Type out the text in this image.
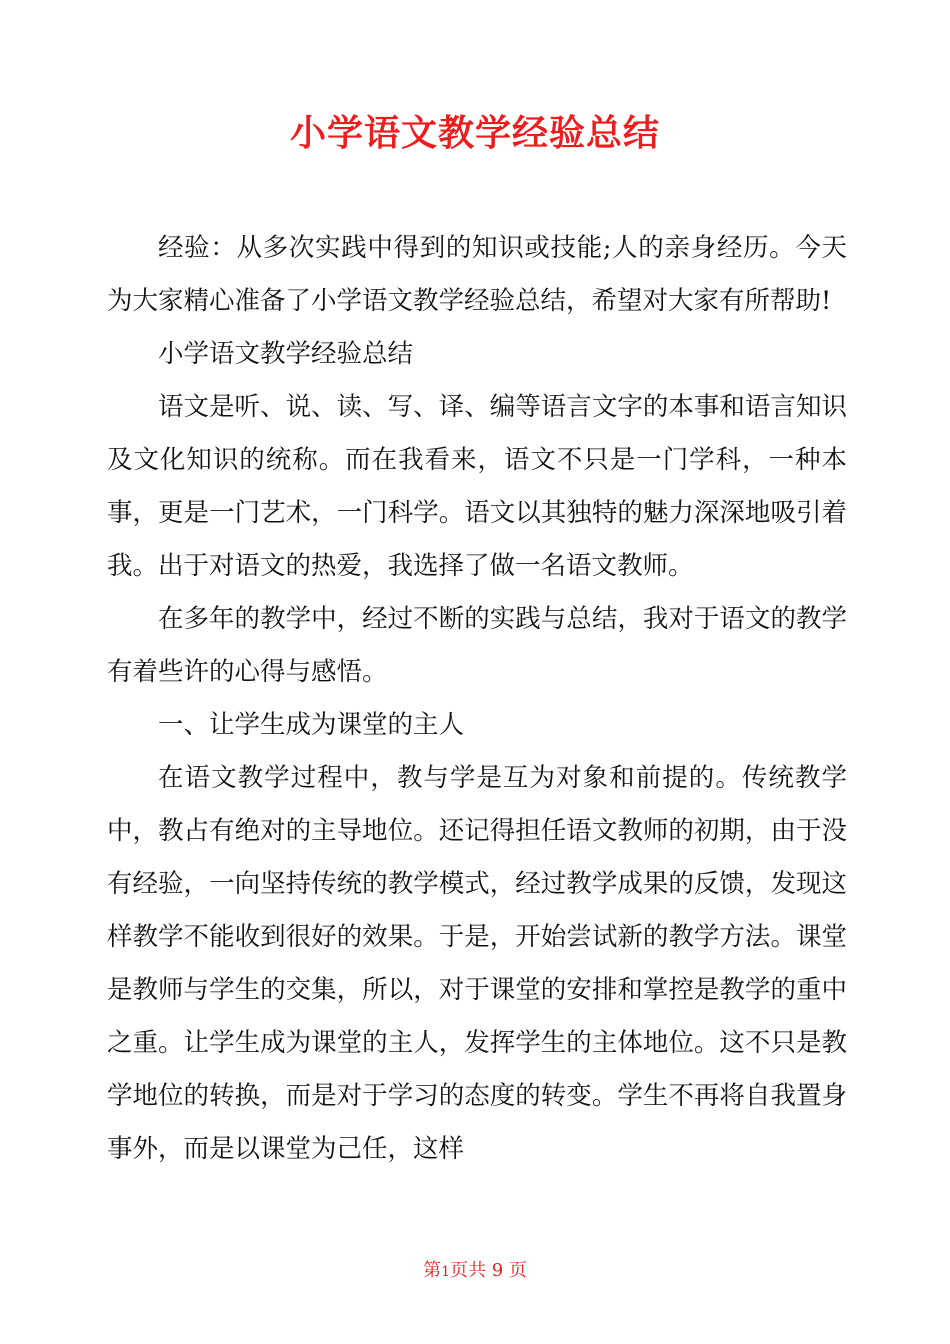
小学语文教学经验总结

经验：从多次实践中得到的知识或技能;人的亲身经历。今天为大家精心准备了小学语文教学经验总结，希望对大家有所帮助!

小学语文教学经验总结

语文是听、说、读、写、译、编等语言文字的本事和语言知识及文化知识的统称。而在我看来，语文不只是一门学科，一种本事，更是一门艺术，一门科学。语文以其独特的魅力深深地吸引着我。出于对语文的热爱，我选择了做一名语文教师。

在多年的教学中，经过不断的实践与总结，我对于语文的教学有着些许的心得与感悟。

一、让学生成为课堂的主人

在语文教学过程中，教与学是互为对象和前提的。传统教学中，教占有绝对的主导地位。还记得担任语文教师的初期，由于没有经验，一向坚持传统的教学模式，经过教学成果的反馈，发现这样教学不能收到很好的效果。于是，开始尝试新的教学方法。课堂是教师与学生的交集，所以，对于课堂的安排和掌控是教学的重中之重。让学生成为课堂的主人，发挥学生的主体地位。这不只是教学地位的转换，而是对于学习的态度的转变。学生不再将自我置身事外，而是以课堂为己任，这样

第1页共 9 页
